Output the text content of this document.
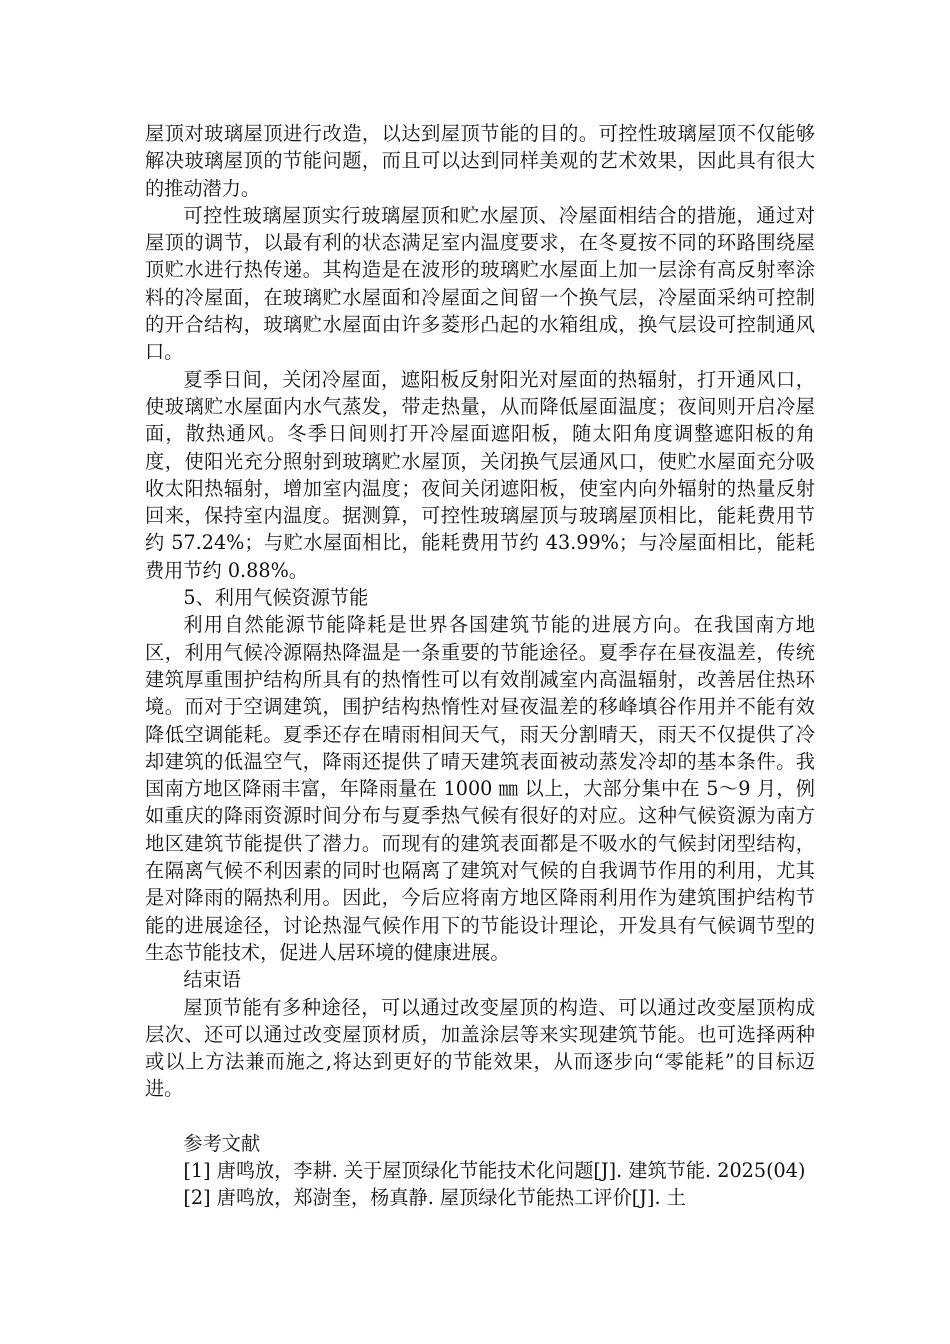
屋顶对玻璃屋顶进行改造，以达到屋顶节能的目的。可控性玻璃屋顶不仅能够解决玻璃屋顶的节能问题，而且可以达到同样美观的艺术效果，因此具有很大的推动潜力。

可控性玻璃屋顶实行玻璃屋顶和贮水屋顶、冷屋面相结合的措施，通过对屋顶的调节，以最有利的状态满足室内温度要求，在冬夏按不同的环路围绕屋顶贮水进行热传递。其构造是在波形的玻璃贮水屋面上加一层涂有高反射率涂料的冷屋面，在玻璃贮水屋面和冷屋面之间留一个换气层，冷屋面采纳可控制的开合结构，玻璃贮水屋面由许多菱形凸起的水箱组成，换气层设可控制通风口。

夏季日间，关闭冷屋面，遮阳板反射阳光对屋面的热辐射，打开通风口，使玻璃贮水屋面内水气蒸发，带走热量，从而降低屋面温度；夜间则开启冷屋面，散热通风。冬季日间则打开冷屋面遮阳板，随太阳角度调整遮阳板的角度，使阳光充分照射到玻璃贮水屋顶，关闭换气层通风口，使贮水屋面充分吸收太阳热辐射，增加室内温度；夜间关闭遮阳板，使室内向外辐射的热量反射回来，保持室内温度。据测算，可控性玻璃屋顶与玻璃屋顶相比，能耗费用节约 57.24%；与贮水屋面相比，能耗费用节约 43.99%；与冷屋面相比，能耗费用节约 0.88%。

5、利用气候资源节能

利用自然能源节能降耗是世界各国建筑节能的进展方向。在我国南方地区，利用气候冷源隔热降温是一条重要的节能途径。夏季存在昼夜温差，传统建筑厚重围护结构所具有的热惰性可以有效削减室内高温辐射，改善居住热环境。而对于空调建筑，围护结构热惰性对昼夜温差的移峰填谷作用并不能有效降低空调能耗。夏季还存在晴雨相间天气，雨天分割晴天，雨天不仅提供了冷却建筑的低温空气，降雨还提供了晴天建筑表面被动蒸发冷却的基本条件。我国南方地区降雨丰富，年降雨量在 1000 ㎜ 以上，大部分集中在 5～9 月，例如重庆的降雨资源时间分布与夏季热气候有很好的对应。这种气候资源为南方地区建筑节能提供了潜力。而现有的建筑表面都是不吸水的气候封闭型结构，在隔离气候不利因素的同时也隔离了建筑对气候的自我调节作用的利用，尤其是对降雨的隔热利用。因此，今后应将南方地区降雨利用作为建筑围护结构节能的进展途径，讨论热湿气候作用下的节能设计理论，开发具有气候调节型的生态节能技术，促进人居环境的健康进展。

结束语

屋顶节能有多种途径，可以通过改变屋顶的构造、可以通过改变屋顶构成层次、还可以通过改变屋顶材质，加盖涂层等来实现建筑节能。也可选择两种或以上方法兼而施之,将达到更好的节能效果，从而逐步向“零能耗”的目标迈进。

参考文献

[1] 唐鸣放，李耕. 关于屋顶绿化节能技术化问题[J]. 建筑节能. 2025(04)

[2] 唐鸣放，郑澍奎，杨真静. 屋顶绿化节能热工评价[J]. 土
